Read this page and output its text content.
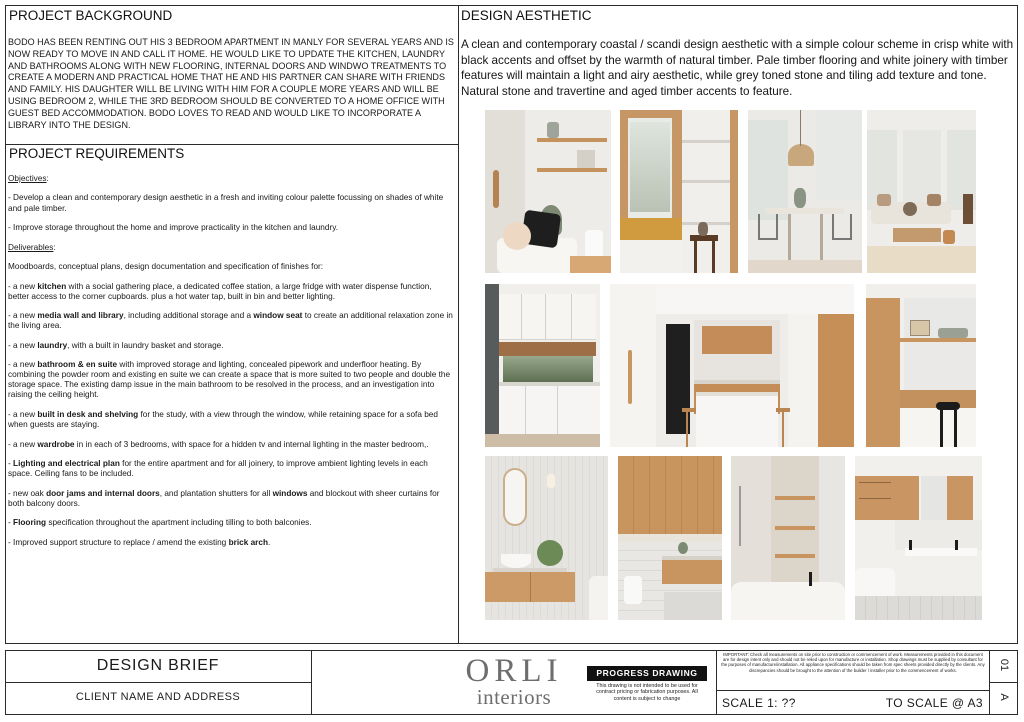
PROJECT BACKGROUND
BODO HAS BEEN RENTING OUT HIS 3 BEDROOM APARTMENT IN MANLY FOR SEVERAL YEARS AND IS NOW READY TO MOVE IN AND CALL IT HOME. HE WOULD LIKE TO UPDATE THE KITCHEN, LAUNDRY AND BATHROOMS ALONG WITH NEW FLOORING, INTERNAL DOORS AND WINDWO TREATMENTS TO CREATE A MODERN AND PRACTICAL HOME THAT HE AND HIS PARTNER CAN SHARE WITH FRIENDS AND FAMILY. HIS DAUGHTER WILL BE LIVING WITH HIM FOR A COUPLE MORE YEARS AND WILL BE USING BEDROOM 2, WHILE THE 3RD BEDROOM SHOULD BE CONVERTED TO A HOME OFFICE WITH GUEST BED ACCOMMODATION. BODO LOVES TO READ AND WOULD LIKE TO INCORPORATE A LIBRARY INTO THE DESIGN.
PROJECT REQUIREMENTS

Objectives:

- Develop a clean and contemporary design aesthetic in a fresh and inviting colour palette focussing on shades of white and pale timber.

- Improve storage throughout the home and improve practicality in the kitchen and laundry.

Deliverables:

Moodboards, conceptual plans, design documentation and specification of finishes for:

- a new kitchen with a social gathering place, a dedicated coffee station, a large fridge with water dispense function, better access to the corner cupboards. plus a hot water tap, built in bin and better lighting.

- a new media wall and library, including additional storage and a window seat to create an additional relaxation zone in the living area.

- a new laundry, with a built in laundry basket and storage.

- a new bathroom & en suite with improved storage and lighting, concealed pipework and underfloor heating. By combining the powder room and existing en suite we can create a space that is more suited to two people and double the storage space. The existing damp issue in the main bathroom to be resolved in the process, and an investigation into raising the ceiling height.

- a new built in desk and shelving for the study, with a view through the window, while retaining space for a sofa bed when guests are staying.

- a new wardrobe in in each of 3 bedrooms, with space for a hidden tv and internal lighting in the master bedroom,.

- Lighting and electrical plan for the entire apartment and for all joinery, to improve ambient lighting levels in each space. Ceiling fans to be included.

- new oak door jams and internal doors, and plantation shutters for all windows and blockout with sheer curtains for both balcony doors.

- Flooring specification throughout the apartment including tilling to both balconies.

- Improved support structure to replace / amend the existing brick arch.

DESIGN AESTHETIC
A clean and contemporary coastal / scandi design aesthetic with a simple colour scheme in crisp white with black accents and offset by the warmth of natural timber. Pale timber flooring and white joinery with timber features will maintain a light and airy aesthetic, while grey toned stone and tiling add texture and tone. Natural stone and travertine and aged timber accents to feature.
DESIGN BRIEF
CLIENT NAME AND ADDRESS
ORLI
interiors
PROGRESS DRAWING
This drawing is not intended to be used for contract pricing or fabrication purposes. All content is subject to change
IMPORTANT: Check all measurements on site prior to construction or commencement of work. Measurements provided in this document are for design intent only and should not be relied upon for manufacture or installation. Shop drawings must be supplied by consultant for the purposes of manufacture/installation. All appliance specifications should be taken from spec sheets provided directly by the clients. Any discrepancies should be brought to the attention of the builder / installer prior to the commencement of works.
SCALE 1: ??	TO SCALE @ A3
01
A
